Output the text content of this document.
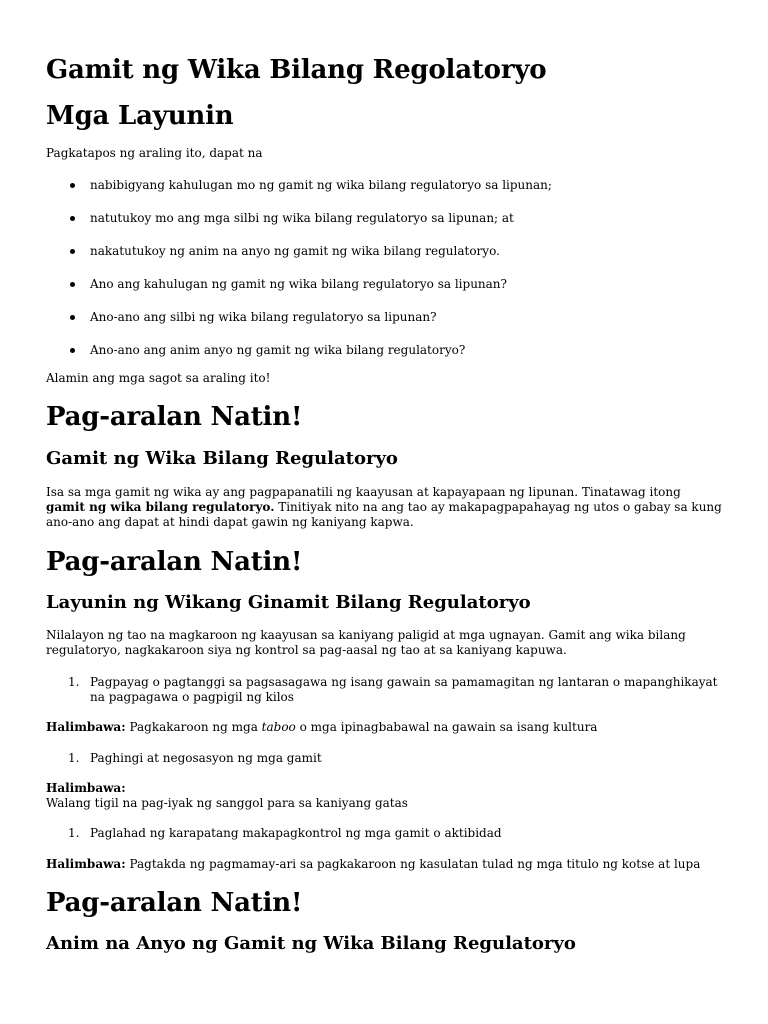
Gamit ng Wika Bilang Regolatoryo
Mga Layunin

Pagkatapos ng araling ito, dapat na

nabibigyang kahulugan mo ng gamit ng wika bilang regulatoryo sa lipunan;
natutukoy mo ang mga silbi ng wika bilang regulatoryo sa lipunan; at
nakatutukoy ng anim na anyo ng gamit ng wika bilang regulatoryo.
Ano ang kahulugan ng gamit ng wika bilang regulatoryo sa lipunan?
Ano-ano ang silbi ng wika bilang regulatoryo sa lipunan?
Ano-ano ang anim anyo ng gamit ng wika bilang regulatoryo?

Alamin ang mga sagot sa araling ito!

Pag-aralan Natin!
Gamit ng Wika Bilang Regulatoryo

Isa sa mga gamit ng wika ay ang pagpapanatili ng kaayusan at kapayapaan ng lipunan. Tinatawag itong gamit ng wika bilang regulatoryo. Tinitiyak nito na ang tao ay makapagpapahayag ng utos o gabay sa kung ano-ano ang dapat at hindi dapat gawin ng kaniyang kapwa.

Pag-aralan Natin!
Layunin ng Wikang Ginamit Bilang Regulatoryo

Nilalayon ng tao na magkaroon ng kaayusan sa kaniyang paligid at mga ugnayan. Gamit ang wika bilang regulatoryo, nagkakaroon siya ng kontrol sa pag-aasal ng tao at sa kaniyang kapuwa.

1. Pagpayag o pagtanggi sa pagsasagawa ng isang gawain sa pamamagitan ng lantaran o mapanghikayat na pagpagawa o pagpigil ng kilos

Halimbawa: Pagkakaroon ng mga taboo o mga ipinagbabawal na gawain sa isang kultura

1. Paghingi at negosasyon ng mga gamit

Halimbawa:
Walang tigil na pag-iyak ng sanggol para sa kaniyang gatas

1. Paglahad ng karapatang makapagkontrol ng mga gamit o aktibidad

Halimbawa: Pagtakda ng pagmamay-ari sa pagkakaroon ng kasulatan tulad ng mga titulo ng kotse at lupa

Pag-aralan Natin!
Anim na Anyo ng Gamit ng Wika Bilang Regulatoryo
